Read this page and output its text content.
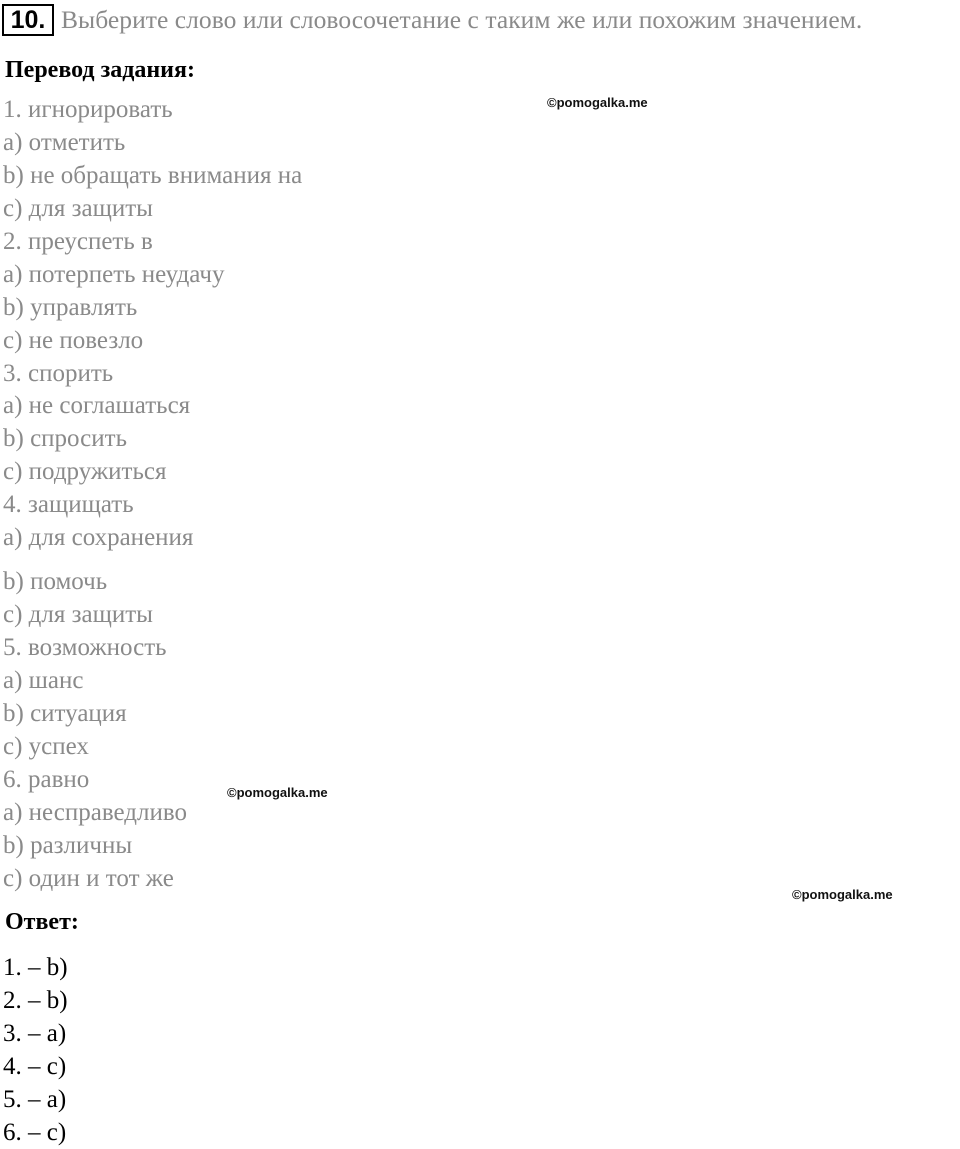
10. Выберите слово или словосочетание с таким же или похожим значением.
Перевод задания:
1. игнорировать
a) отметить
b) не обращать внимания на
c) для защиты
2. преуспеть в
a) потерпеть неудачу
b) управлять
c) не повезло
3. спорить
a) не соглашаться
b) спросить
c) подружиться
4. защищать
a) для сохранения
b) помочь
c) для защиты
5. возможность
a) шанс
b) ситуация
c) успех
6. равно
a) несправедливо
b) различны
c) один и тот же
Ответ:
1. – b)
2. – b)
3. – a)
4. – c)
5. – a)
6. – c)
©pomogalka.me
©pomogalka.me
©pomogalka.me
